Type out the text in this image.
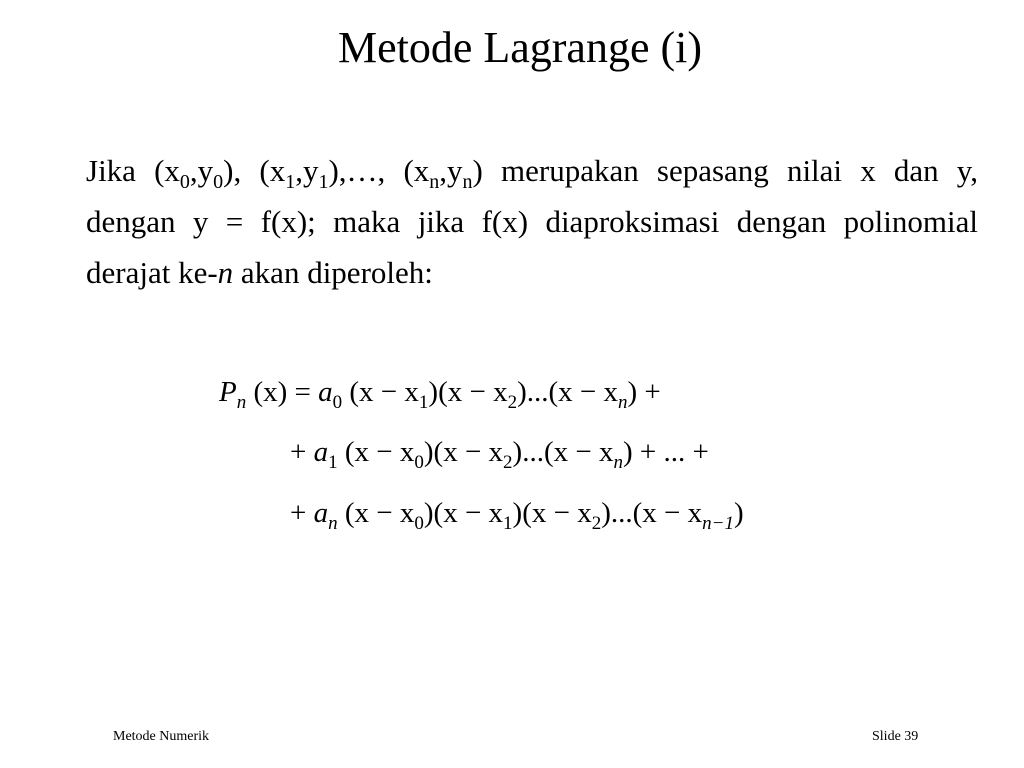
Metode Lagrange (i)
Jika $(x_0,y_0)$, $(x_1,y_1),\dots$, $(x_n,y_n)$ merupakan sepasang nilai x dan y, dengan y = f(x); maka jika f(x) diaproksimasi dengan polinomial derajat ke-n akan diperoleh:
$P_n$ $(x) = a_0$ $(x - x_1)(x - x_2)...(x - x_n)$ +
+ $a_1$ $(x - x_0)(x - x_2)...(x - x_n)$ + ... +
+ $a_n$ $(x - x_0)(x - x_1)(x - x_2)...(x - x_{n-1})$
Metode Numerik	Slide 39
